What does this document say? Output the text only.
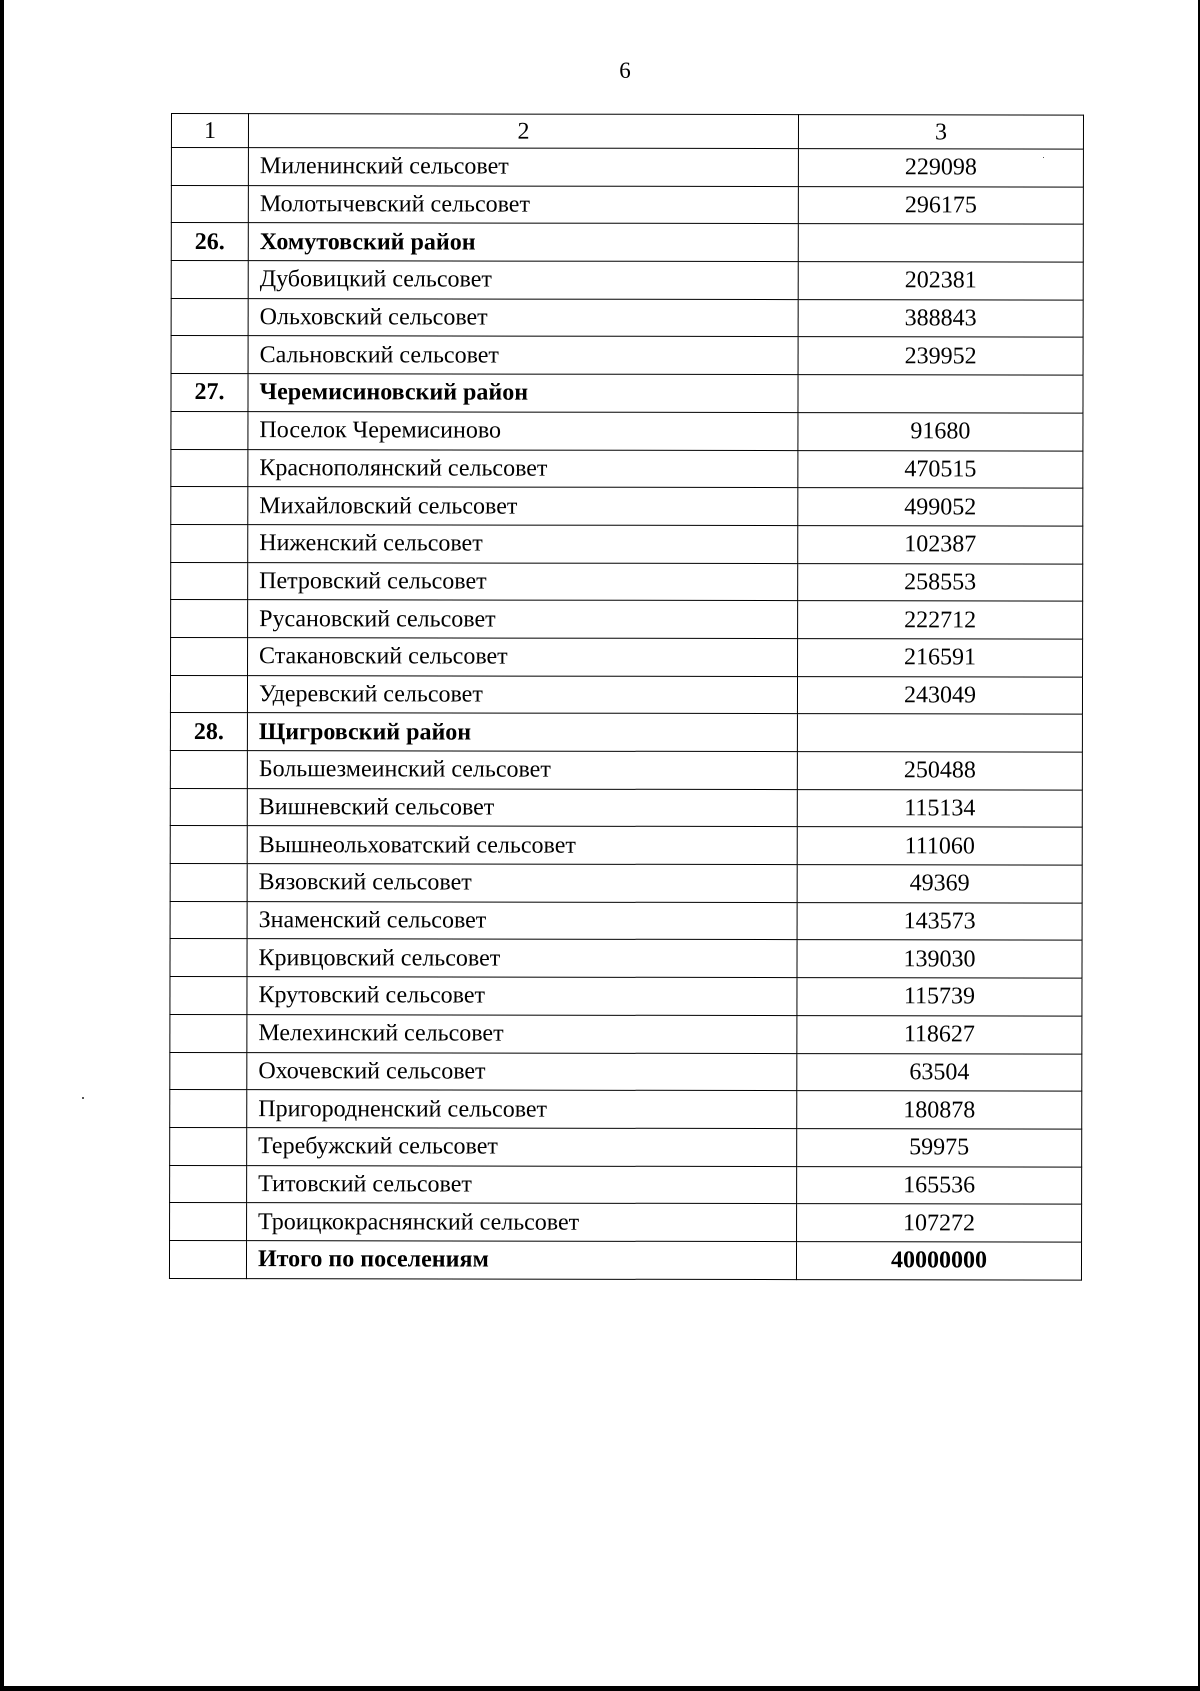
6
1	2	3
	Миленинский сельсовет	229098
	Молотычевский сельсовет	296175
26.	Хомутовский район	
	Дубовицкий сельсовет	202381
	Ольховский сельсовет	388843
	Сальновский сельсовет	239952
27.	Черемисиновский район	
	Поселок Черемисиново	91680
	Краснополянский сельсовет	470515
	Михайловский сельсовет	499052
	Ниженский сельсовет	102387
	Петровский сельсовет	258553
	Русановский сельсовет	222712
	Стакановский сельсовет	216591
	Удеревский сельсовет	243049
28.	Щигровский район	
	Большезмеинский сельсовет	250488
	Вишневский сельсовет	115134
	Вышнеольховатский сельсовет	111060
	Вязовский сельсовет	49369
	Знаменский сельсовет	143573
	Кривцовский сельсовет	139030
	Крутовский сельсовет	115739
	Мелехинский сельсовет	118627
	Охочевский сельсовет	63504
	Пригородненский сельсовет	180878
	Теребужский сельсовет	59975
	Титовский сельсовет	165536
	Троицкокраснянский сельсовет	107272
	Итого по поселениям	40000000
